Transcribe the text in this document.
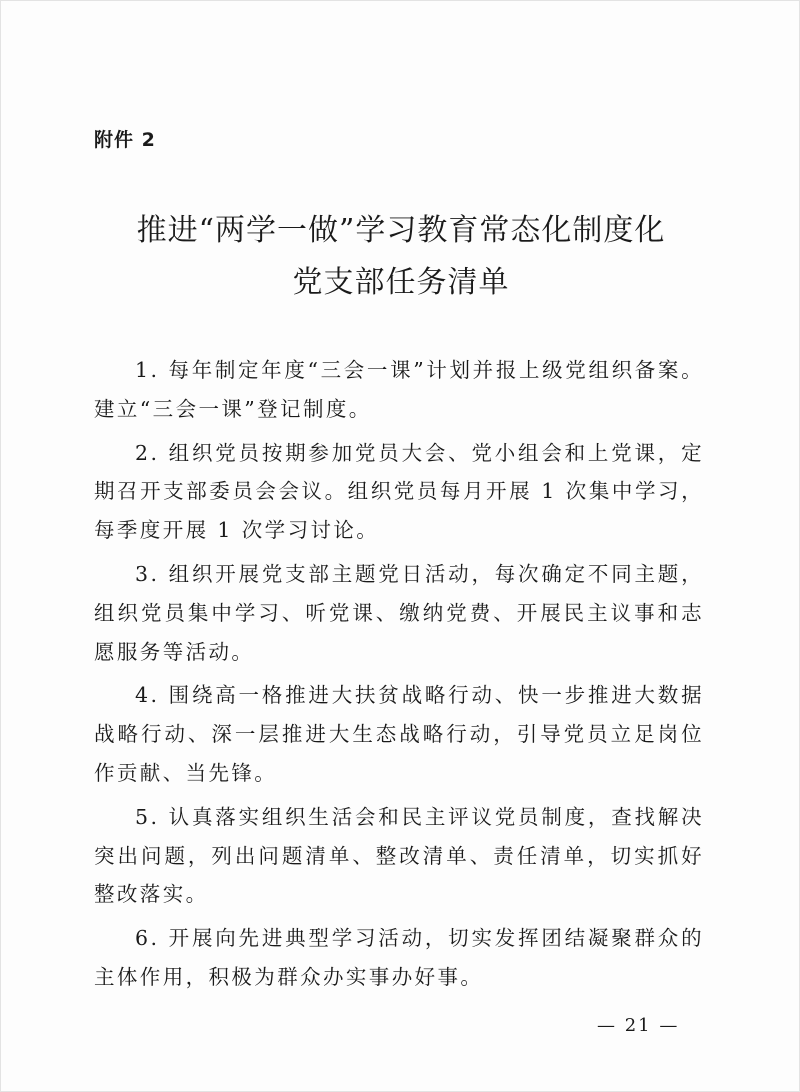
附件 2
推进“两学一做”学习教育常态化制度化
党支部任务清单

1. 每年制定年度“三会一课”计划并报上级党组织备案。建立“三会一课”登记制度。

2. 组织党员按期参加党员大会、党小组会和上党课，定期召开支部委员会会议。组织党员每月开展 1 次集中学习，每季度开展 1 次学习讨论。

3. 组织开展党支部主题党日活动，每次确定不同主题，组织党员集中学习、听党课、缴纳党费、开展民主议事和志愿服务等活动。

4. 围绕高一格推进大扶贫战略行动、快一步推进大数据战略行动、深一层推进大生态战略行动，引导党员立足岗位作贡献、当先锋。

5. 认真落实组织生活会和民主评议党员制度，查找解决突出问题，列出问题清单、整改清单、责任清单，切实抓好整改落实。

6. 开展向先进典型学习活动，切实发挥团结凝聚群众的主体作用，积极为群众办实事办好事。

— 21 —
